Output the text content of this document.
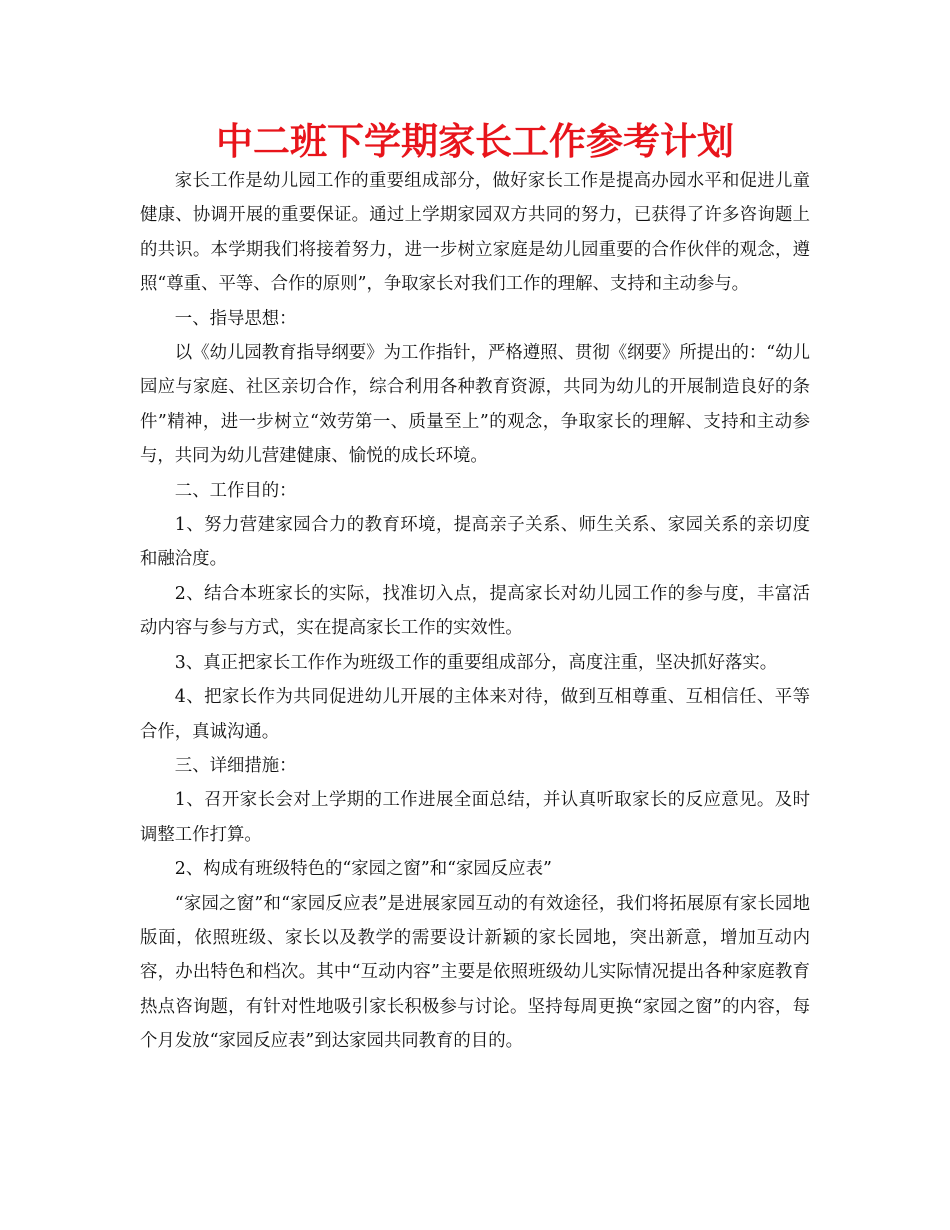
中二班下学期家长工作参考计划

家长工作是幼儿园工作的重要组成部分，做好家长工作是提高办园水平和促进儿童健康、协调开展的重要保证。通过上学期家园双方共同的努力，已获得了许多咨询题上的共识。本学期我们将接着努力，进一步树立家庭是幼儿园重要的合作伙伴的观念，遵照“尊重、平等、合作的原则”，争取家长对我们工作的理解、支持和主动参与。

一、指导思想：

以《幼儿园教育指导纲要》为工作指针，严格遵照、贯彻《纲要》所提出的：“幼儿园应与家庭、社区亲切合作，综合利用各种教育资源，共同为幼儿的开展制造良好的条件”精神，进一步树立“效劳第一、质量至上”的观念，争取家长的理解、支持和主动参与，共同为幼儿营建健康、愉悦的成长环境。

二、工作目的：

1、努力营建家园合力的教育环境，提高亲子关系、师生关系、家园关系的亲切度和融洽度。

2、结合本班家长的实际，找准切入点，提高家长对幼儿园工作的参与度，丰富活动内容与参与方式，实在提高家长工作的实效性。

3、真正把家长工作作为班级工作的重要组成部分，高度注重，坚决抓好落实。

4、把家长作为共同促进幼儿开展的主体来对待，做到互相尊重、互相信任、平等合作，真诚沟通。

三、详细措施：

1、召开家长会对上学期的工作进展全面总结，并认真听取家长的反应意见。及时调整工作打算。

2、构成有班级特色的“家园之窗”和“家园反应表”

“家园之窗”和“家园反应表”是进展家园互动的有效途径，我们将拓展原有家长园地版面，依照班级、家长以及教学的需要设计新颖的家长园地，突出新意，增加互动内容，办出特色和档次。其中“互动内容”主要是依照班级幼儿实际情况提出各种家庭教育热点咨询题，有针对性地吸引家长积极参与讨论。坚持每周更换“家园之窗”的内容，每个月发放“家园反应表”到达家园共同教育的目的。
